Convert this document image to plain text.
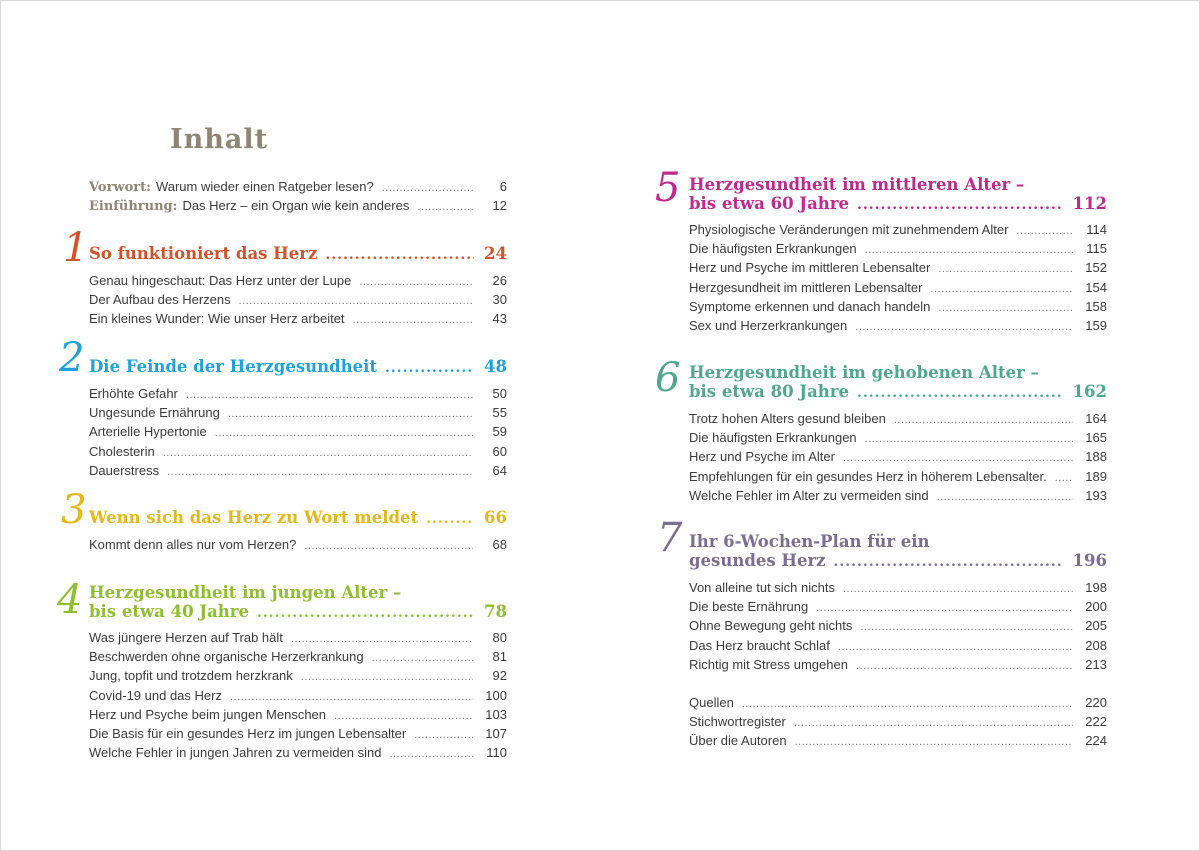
Inhalt
Vorwort: Warum wieder einen Ratgeber lesen? .....	6
Einführung: Das Herz – ein Organ wie kein anderes .....	12
1 So funktioniert das Herz .....	24
Genau hingeschaut: Das Herz unter der Lupe .....	26
Der Aufbau des Herzens .....	30
Ein kleines Wunder: Wie unser Herz arbeitet .....	43
2 Die Feinde der Herzgesundheit .....	48
Erhöhte Gefahr .....	50
Ungesunde Ernährung .....	55
Arterielle Hypertonie .....	59
Cholesterin .....	60
Dauerstress .....	64
3 Wenn sich das Herz zu Wort meldet .....	66
Kommt denn alles nur vom Herzen? .....	68
4 Herzgesundheit im jungen Alter –
bis etwa 40 Jahre .....	78
Was jüngere Herzen auf Trab hält .....	80
Beschwerden ohne organische Herzerkrankung .....	81
Jung, topfit und trotzdem herzkrank .....	92
Covid-19 und das Herz .....	100
Herz und Psyche beim jungen Menschen .....	103
Die Basis für ein gesundes Herz im jungen Lebensalter .....	107
Welche Fehler in jungen Jahren zu vermeiden sind .....	110
5 Herzgesundheit im mittleren Alter –
bis etwa 60 Jahre .....	112
Physiologische Veränderungen mit zunehmendem Alter .....	114
Die häufigsten Erkrankungen .....	115
Herz und Psyche im mittleren Lebensalter .....	152
Herzgesundheit im mittleren Lebensalter .....	154
Symptome erkennen und danach handeln .....	158
Sex und Herzerkrankungen .....	159
6 Herzgesundheit im gehobenen Alter –
bis etwa 80 Jahre .....	162
Trotz hohen Alters gesund bleiben .....	164
Die häufigsten Erkrankungen .....	165
Herz und Psyche im Alter .....	188
Empfehlungen für ein gesundes Herz in höherem Lebensalter. .....	189
Welche Fehler im Alter zu vermeiden sind .....	193
7 Ihr 6-Wochen-Plan für ein
gesundes Herz .....	196
Von alleine tut sich nichts .....	198
Die beste Ernährung .....	200
Ohne Bewegung geht nichts .....	205
Das Herz braucht Schlaf .....	208
Richtig mit Stress umgehen .....	213
Quellen .....	220
Stichwortregister .....	222
Über die Autoren .....	224
